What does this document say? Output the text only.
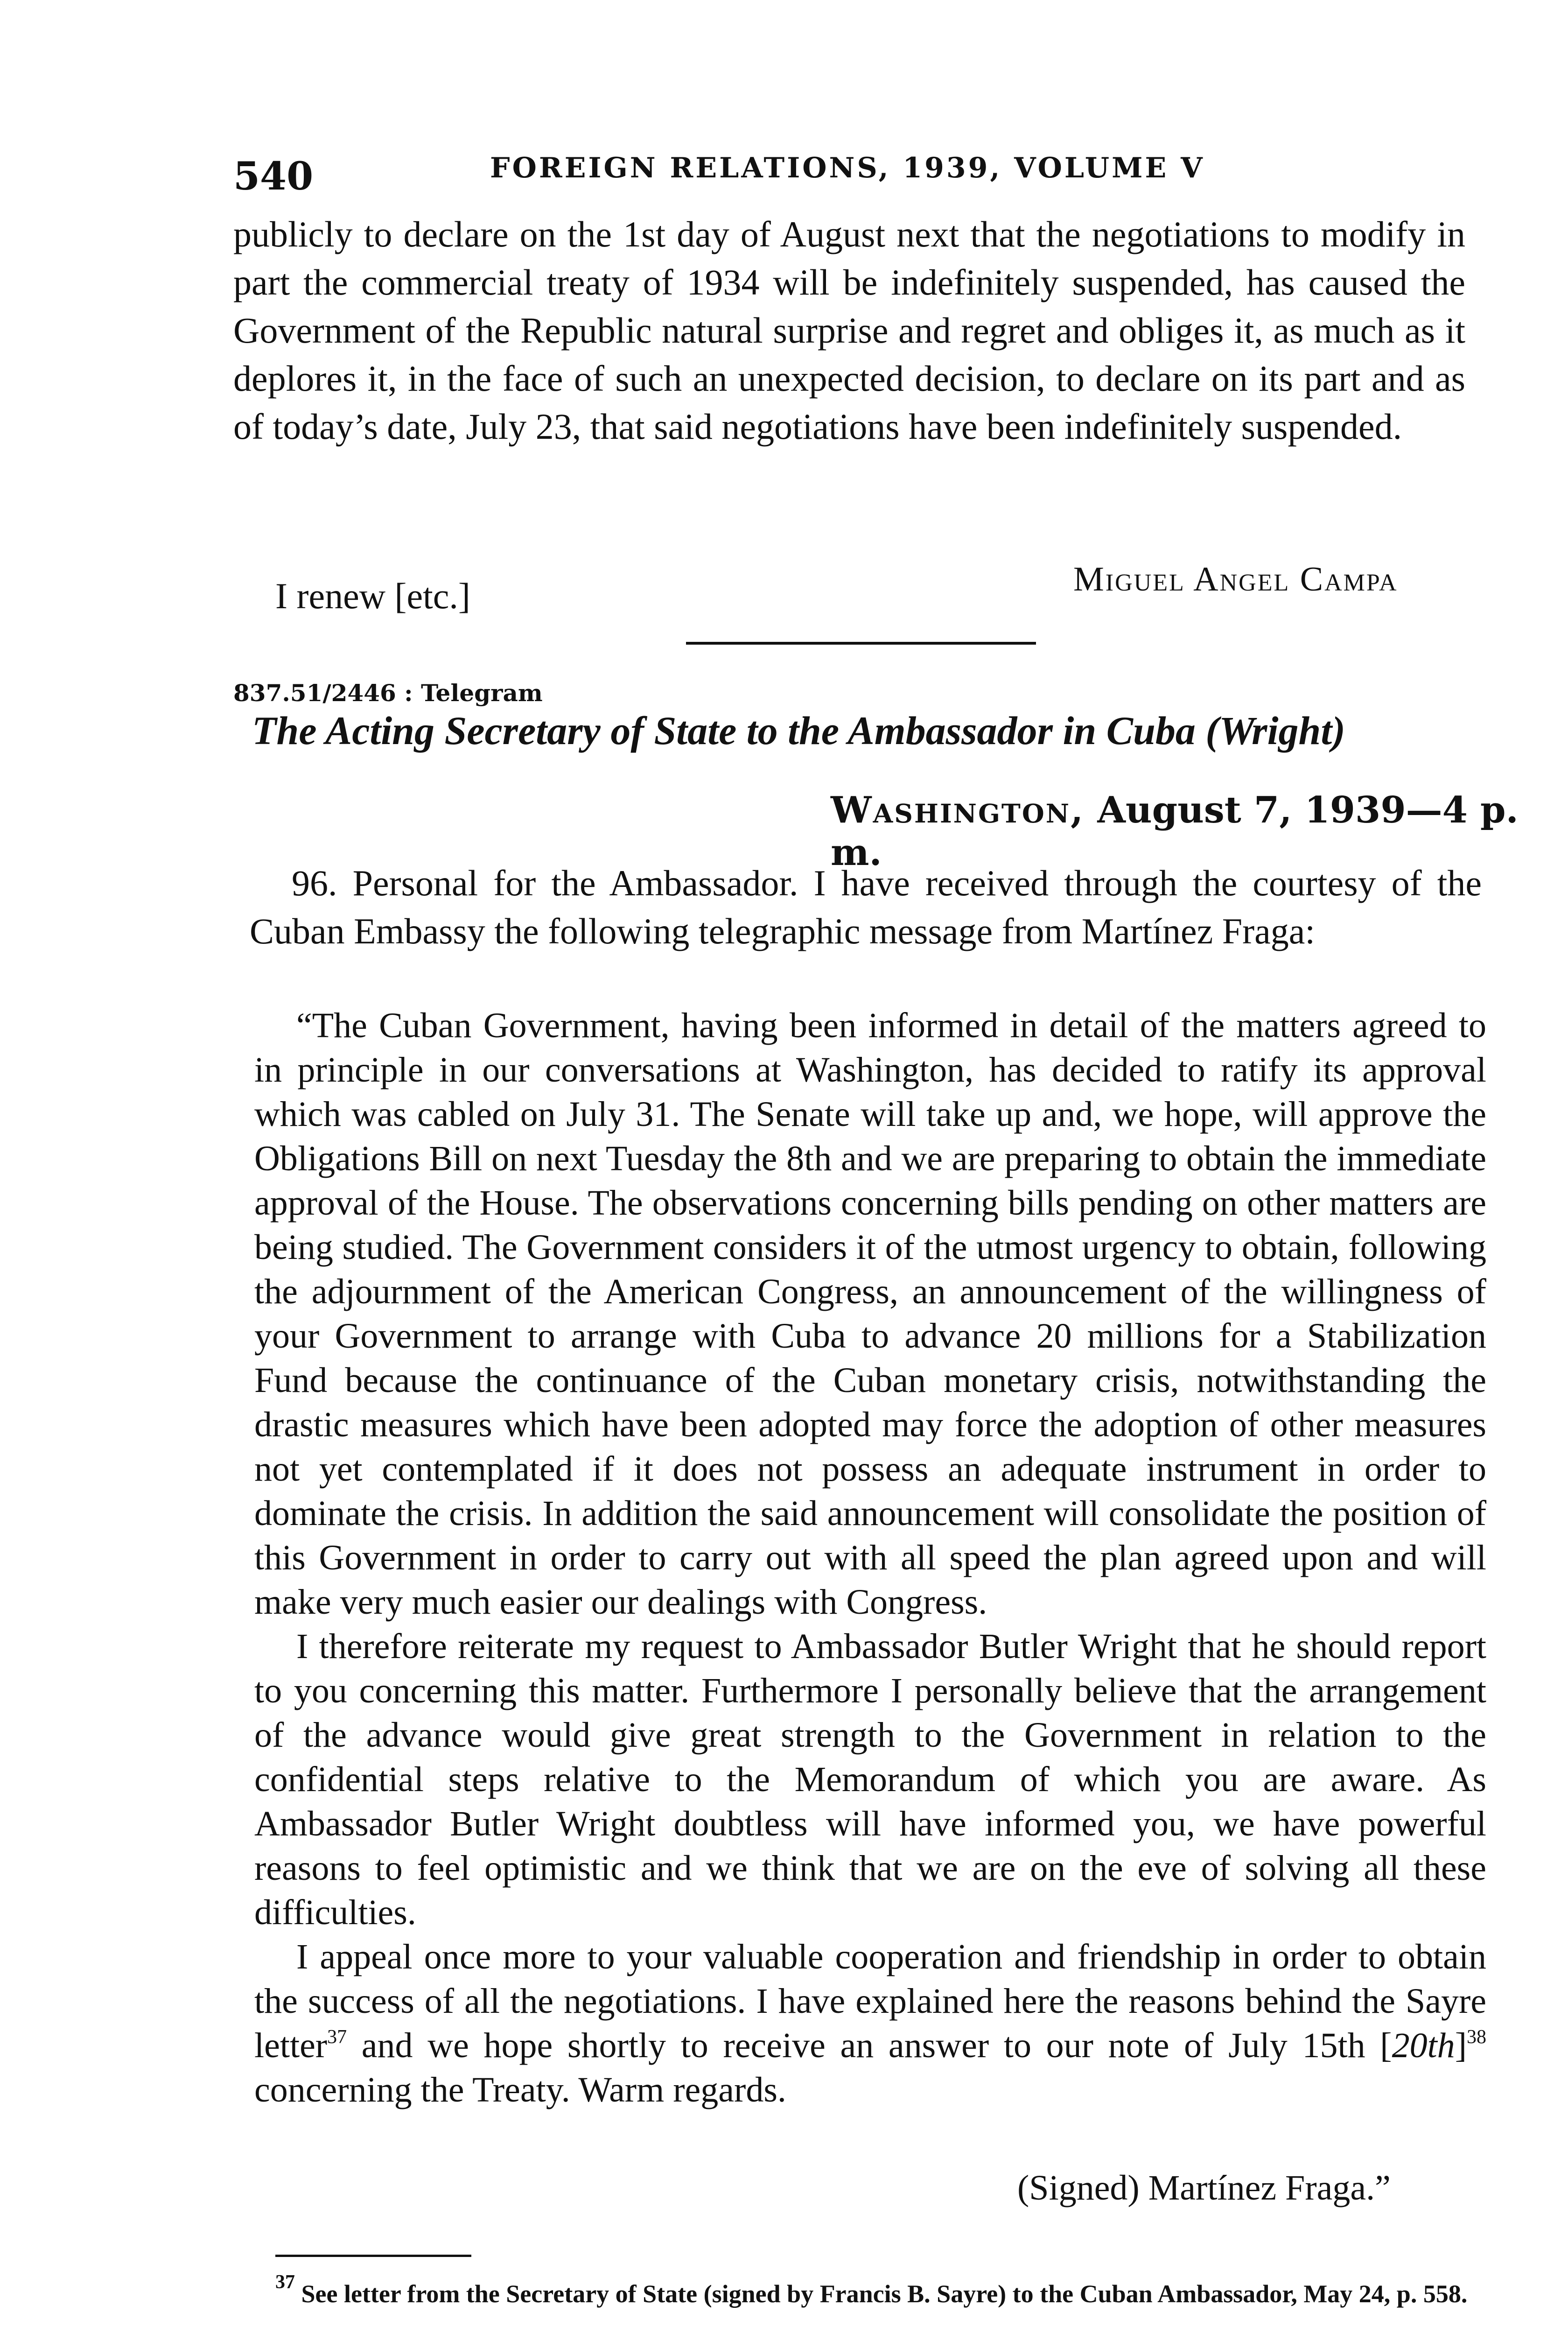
540	FOREIGN RELATIONS, 1939, VOLUME V

publicly to declare on the 1st day of August next that the negotiations to modify in part the commercial treaty of 1934 will be indefinitely suspended, has caused the Government of the Republic natural surprise and regret and obliges it, as much as it deplores it, in the face of such an unexpected decision, to declare on its part and as of today’s date, July 23, that said negotiations have been indefinitely suspended.

I renew [etc.]	Miguel Angel Campa
837.51/2446 : Telegram
The Acting Secretary of State to the Ambassador in Cuba (Wright)
Washington, August 7, 1939—4 p. m.

96. Personal for the Ambassador. I have received through the courtesy of the Cuban Embassy the following telegraphic message from Martínez Fraga:

“The Cuban Government, having been informed in detail of the matters agreed to in principle in our conversations at Washington, has decided to ratify its approval which was cabled on July 31. The Senate will take up and, we hope, will approve the Obligations Bill on next Tuesday the 8th and we are preparing to obtain the immediate approval of the House. The observations concerning bills pending on other matters are being studied. The Government considers it of the utmost urgency to obtain, following the adjournment of the American Congress, an announcement of the willingness of your Government to arrange with Cuba to advance 20 millions for a Stabilization Fund because the continuance of the Cuban monetary crisis, notwithstanding the drastic measures which have been adopted may force the adoption of other measures not yet contemplated if it does not possess an adequate instrument in order to dominate the crisis. In addition the said announcement will consolidate the position of this Government in order to carry out with all speed the plan agreed upon and will make very much easier our dealings with Congress.

I therefore reiterate my request to Ambassador Butler Wright that he should report to you concerning this matter. Furthermore I personally believe that the arrangement of the advance would give great strength to the Government in relation to the confidential steps relative to the Memorandum of which you are aware. As Ambassador Butler Wright doubtless will have informed you, we have powerful reasons to feel optimistic and we think that we are on the eve of solving all these difficulties.

I appeal once more to your valuable cooperation and friendship in order to obtain the success of all the negotiations. I have explained here the reasons behind the Sayre letter$^{37}$ and we hope shortly to receive an answer to our note of July 15th $[20th]^{38}$ concerning the Treaty. Warm regards.

(Signed) Martínez Fraga.”
$^{37}$ See letter from the Secretary of State (signed by Francis B. Sayre) to the Cuban Ambassador, May 24, p. 558.
